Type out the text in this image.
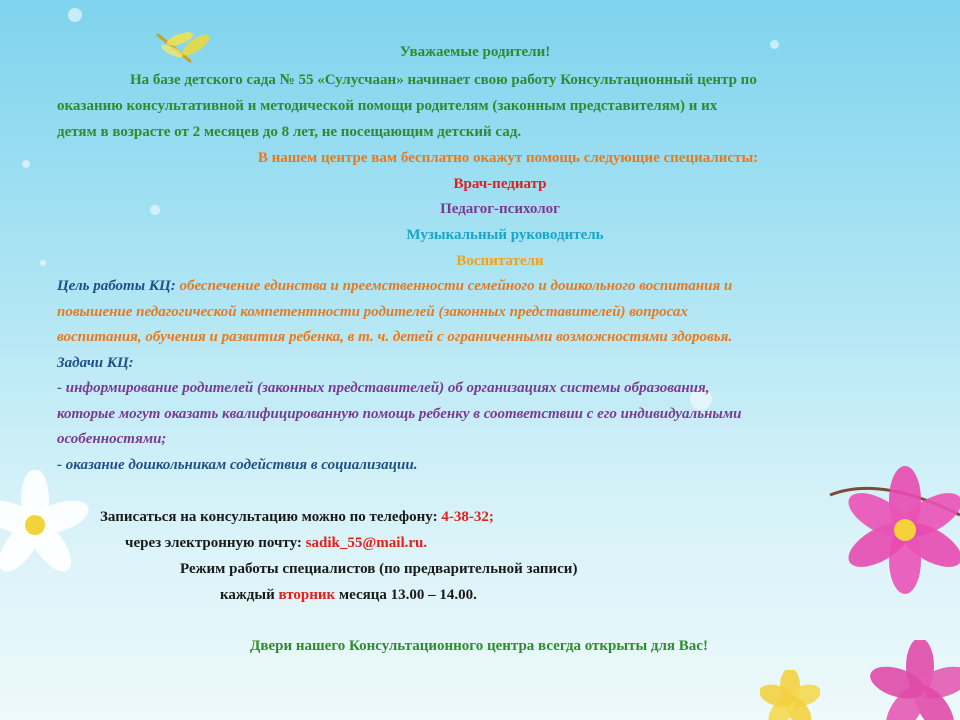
Уважаемые родители!
На базе детского сада № 55 «Сулусчаан» начинает свою работу Консультационный центр по
оказанию консультативной и методической помощи родителям (законным представителям) и их
детям в возрасте от 2 месяцев до 8 лет, не посещающим детский сад.
В нашем центре вам бесплатно окажут помощь следующие специалисты:
Врач-педиатр
Педагог-психолог
Музыкальный руководитель
Воспитатели
Цель работы КЦ: обеспечение единства и преемственности семейного и дошкольного воспитания и
повышение педагогической компетентности родителей (законных представителей) вопросах
воспитания, обучения и развития ребенка, в т. ч. детей с ограниченными возможностями здоровья.
Задачи КЦ:
- информирование родителей (законных представителей) об организациях системы образования,
которые могут оказать квалифицированную помощь ребенку в соответствии с его индивидуальными
особенностями;
- оказание дошкольникам содействия в социализации.
Записаться на консультацию можно по телефону: 4-38-32;
через электронную почту: sadik_55@mail.ru.
Режим работы специалистов (по предварительной записи)
каждый вторник месяца 13.00 – 14.00.
Двери нашего Консультационного центра всегда открыты для Вас!
